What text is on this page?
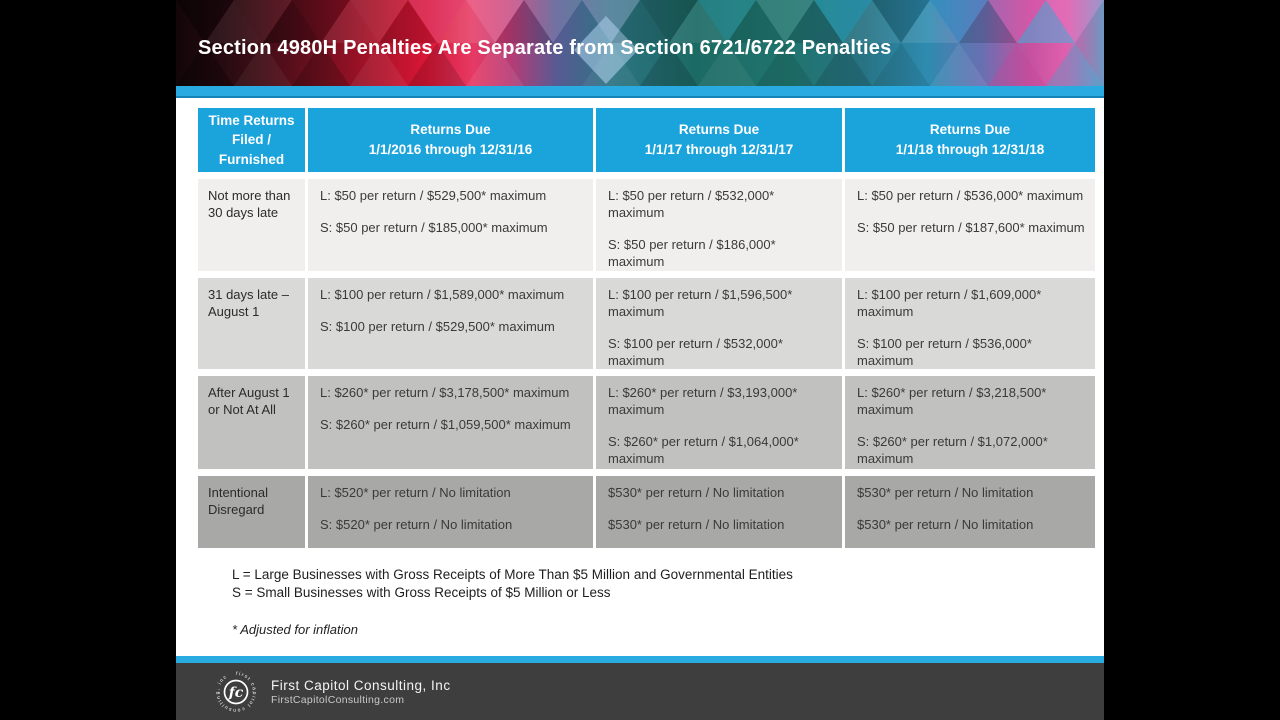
Section 4980H Penalties Are Separate from Section 6721/6722 Penalties
Time Returns Filed / Furnished
Returns Due
1/1/2016 through 12/31/16
Returns Due
1/1/17 through 12/31/17
Returns Due
1/1/18 through 12/31/18
Not more than 30 days late

L: $50 per return / $529,500* maximum

S: $50 per return / $185,000* maximum

L: $50 per return / $532,000* maximum

S: $50 per return / $186,000* maximum

L: $50 per return / $536,000* maximum

S: $50 per return / $187,600* maximum

31 days late – August 1

L: $100 per return / $1,589,000* maximum

S: $100 per return / $529,500* maximum

L: $100 per return / $1,596,500* maximum

S: $100 per return / $532,000* maximum

L: $100 per return / $1,609,000* maximum

S: $100 per return / $536,000* maximum

After August 1 or Not At All

L: $260* per return / $3,178,500* maximum

S: $260* per return / $1,059,500* maximum

L: $260* per return / $3,193,000* maximum

S: $260* per return / $1,064,000* maximum

L: $260* per return / $3,218,500* maximum

S: $260* per return / $1,072,000* maximum

Intentional Disregard

L: $520* per return / No limitation

S: $520* per return / No limitation

$530* per return / No limitation

$530* per return / No limitation

$530* per return / No limitation

$530* per return / No limitation

L = Large Businesses with Gross Receipts of More Than $5 Million and Governmental Entities
S = Small Businesses with Gross Receipts of $5 Million or Less
* Adjusted for inflation
fc
first capitol consulting, inc
First Capitol Consulting, Inc
FirstCapitolConsulting.com
